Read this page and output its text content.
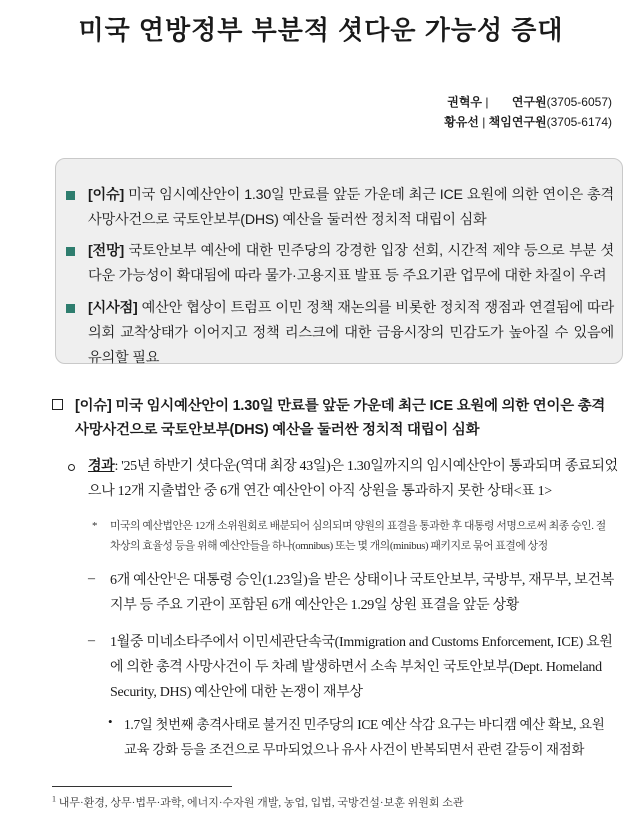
미국 연방정부 부분적 셧다운 가능성 증대
권혁우 |       연구원(3705-6057)
황유선 | 책임연구원(3705-6174)
[이슈] 미국 임시예산안이 1.30일 만료를 앞둔 가운데 최근 ICE 요원에 의한 연이은 총격 사망사건으로 국토안보부(DHS) 예산을 둘러싼 정치적 대립이 심화
[전망] 국토안보부 예산에 대한 민주당의 강경한 입장 선회, 시간적 제약 등으로 부분 셧다운 가능성이 확대됨에 따라 물가·고용지표 발표 등 주요기관 업무에 대한 차질이 우려
[시사점] 예산안 협상이 트럼프 이민 정책 재논의를 비롯한 정치적 쟁점과 연결됨에 따라 의회 교착상태가 이어지고 정책 리스크에 대한 금융시장의 민감도가 높아질 수 있음에 유의할 필요
[이슈] 미국 임시예산안이 1.30일 만료를 앞둔 가운데 최근 ICE 요원에 의한 연이은 총격 사망사건으로 국토안보부(DHS) 예산을 둘러싼 정치적 대립이 심화
경과: '25년 하반기 셧다운(역대 최장 43일)은 1.30일까지의 임시예산안이 통과되며 종료되었으나 12개 지출법안 중 6개 연간 예산안이 아직 상원을 통과하지 못한 상태<표 1>
*	미국의 예산법안은 12개 소위원회로 배분되어 심의되며 양원의 표결을 통과한 후 대통령 서명으로써 최종 승인. 절차상의 효율성 등을 위해 예산안들을 하나(omnibus) 또는 몇 개의(minibus) 패키지로 묶어 표결에 상정
– 6개 예산안$^1$은 대통령 승인(1.23일)을 받은 상태이나 국토안보부, 국방부, 재무부, 보건복지부 등 주요 기관이 포함된 6개 예산안은 1.29일 상원 표결을 앞둔 상황
– 1월중 미네소타주에서 이민세관단속국(Immigration and Customs Enforcement, ICE) 요원에 의한 총격 사망사건이 두 차례 발생하면서 소속 부처인 국토안보부(Dept. Homeland Security, DHS) 예산안에 대한 논쟁이 재부상
• 1.7일 첫번째 총격사태로 불거진 민주당의 ICE 예산 삭감 요구는 바디캠 예산 확보, 요원 교육 강화 등을 조건으로 무마되었으나 유사 사건이 반복되면서 관련 갈등이 재점화
$^1$ 내무·환경, 상무·법무·과학, 에너지·수자원 개발, 농업, 입법, 국방건설·보훈 위원회 소관
